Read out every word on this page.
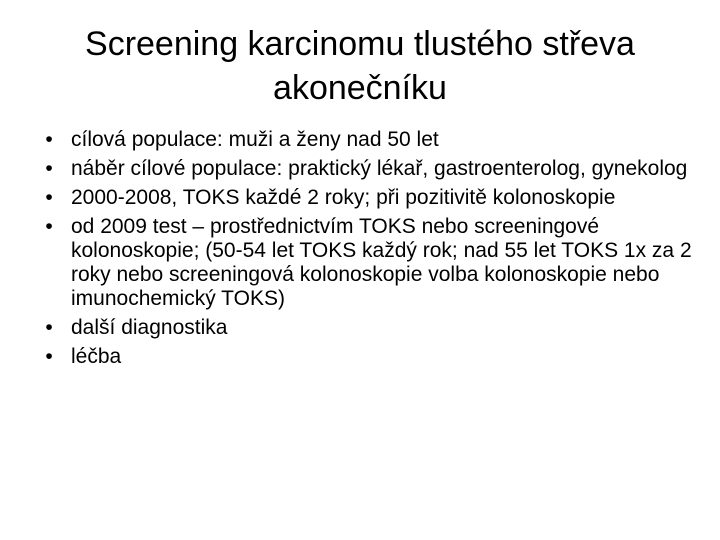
Screening karcinomu tlustého střeva akonečníku
• cílová populace: muži a ženy nad 50 let
• náběr cílové populace: praktický lékař, gastroenterolog, gynekolog
• 2000-2008, TOKS každé 2 roky; při pozitivitě kolonoskopie
• od 2009 test – prostřednictvím TOKS nebo screeningové kolonoskopie; (50-54 let TOKS každý rok; nad 55 let TOKS 1x za 2 roky nebo screeningová kolonoskopie volba kolonoskopie nebo imunochemický TOKS)
• další diagnostika
• léčba
